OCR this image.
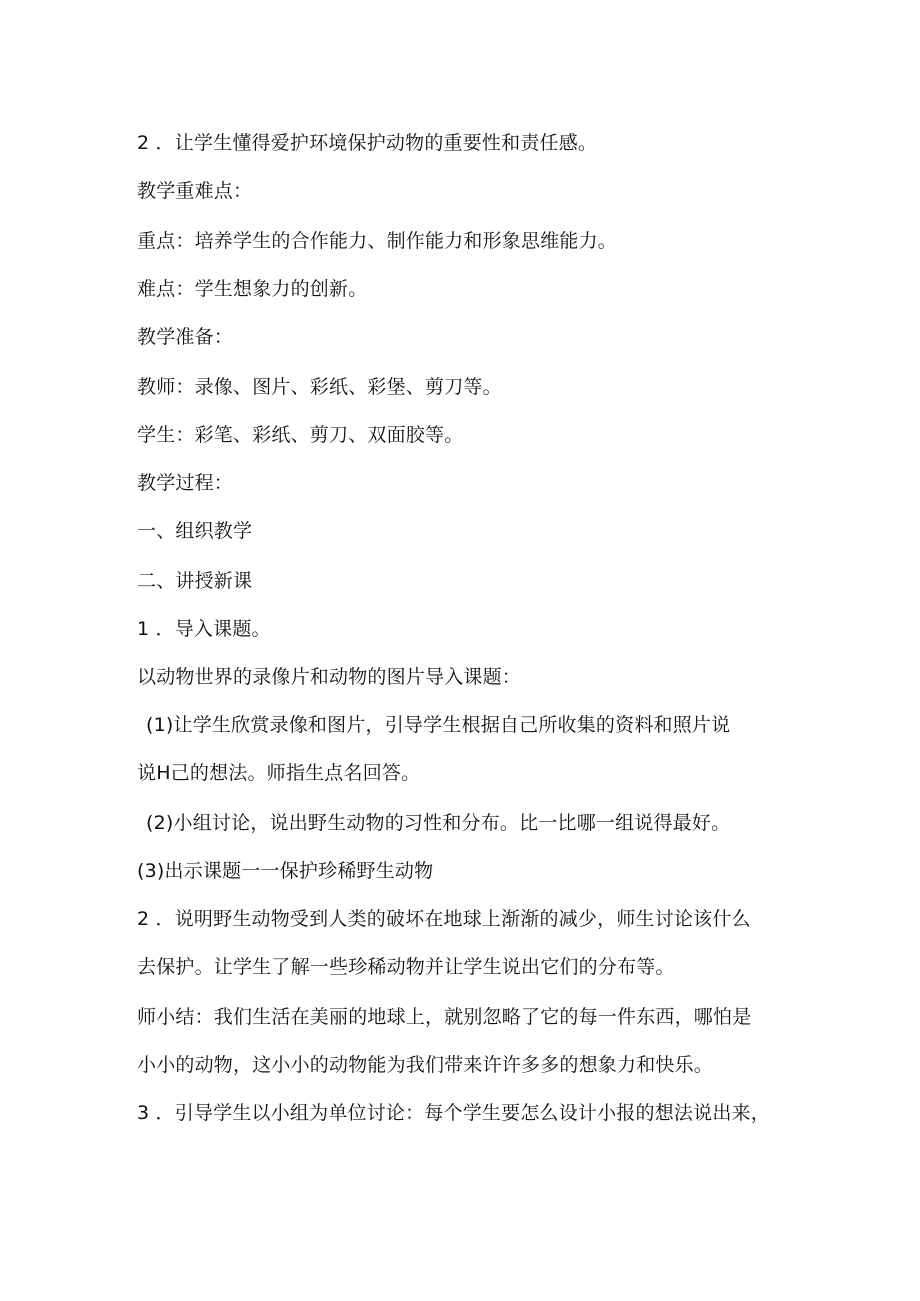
2 ．让学生懂得爱护环境保护动物的重要性和责任感。
教学重难点：
重点：培养学生的合作能力、制作能力和形象思维能力。
难点：学生想象力的创新。
教学准备：
教师：录像、图片、彩纸、彩堡、剪刀等。
学生：彩笔、彩纸、剪刀、双面胶等。
教学过程：
一、组织教学
二、讲授新课
1 ．导入课题。
以动物世界的录像片和动物的图片导入课题：
(1)让学生欣赏录像和图片，引导学生根据自己所收集的资料和照片说
说H己的想法。师指生点名回答。
(2)小组讨论，说出野生动物的习性和分布。比一比哪一组说得最好。
(3)出示课题一一保护珍稀野生动物
2 ．说明野生动物受到人类的破坏在地球上渐渐的减少，师生讨论该什么
去保护。让学生了解一些珍稀动物并让学生说出它们的分布等。
师小结：我们生活在美丽的地球上，就别忽略了它的每一件东西，哪怕是
小小的动物，这小小的动物能为我们带来许许多多的想象力和快乐。
3 ．引导学生以小组为单位讨论：每个学生要怎么设计小报的想法说出来，
